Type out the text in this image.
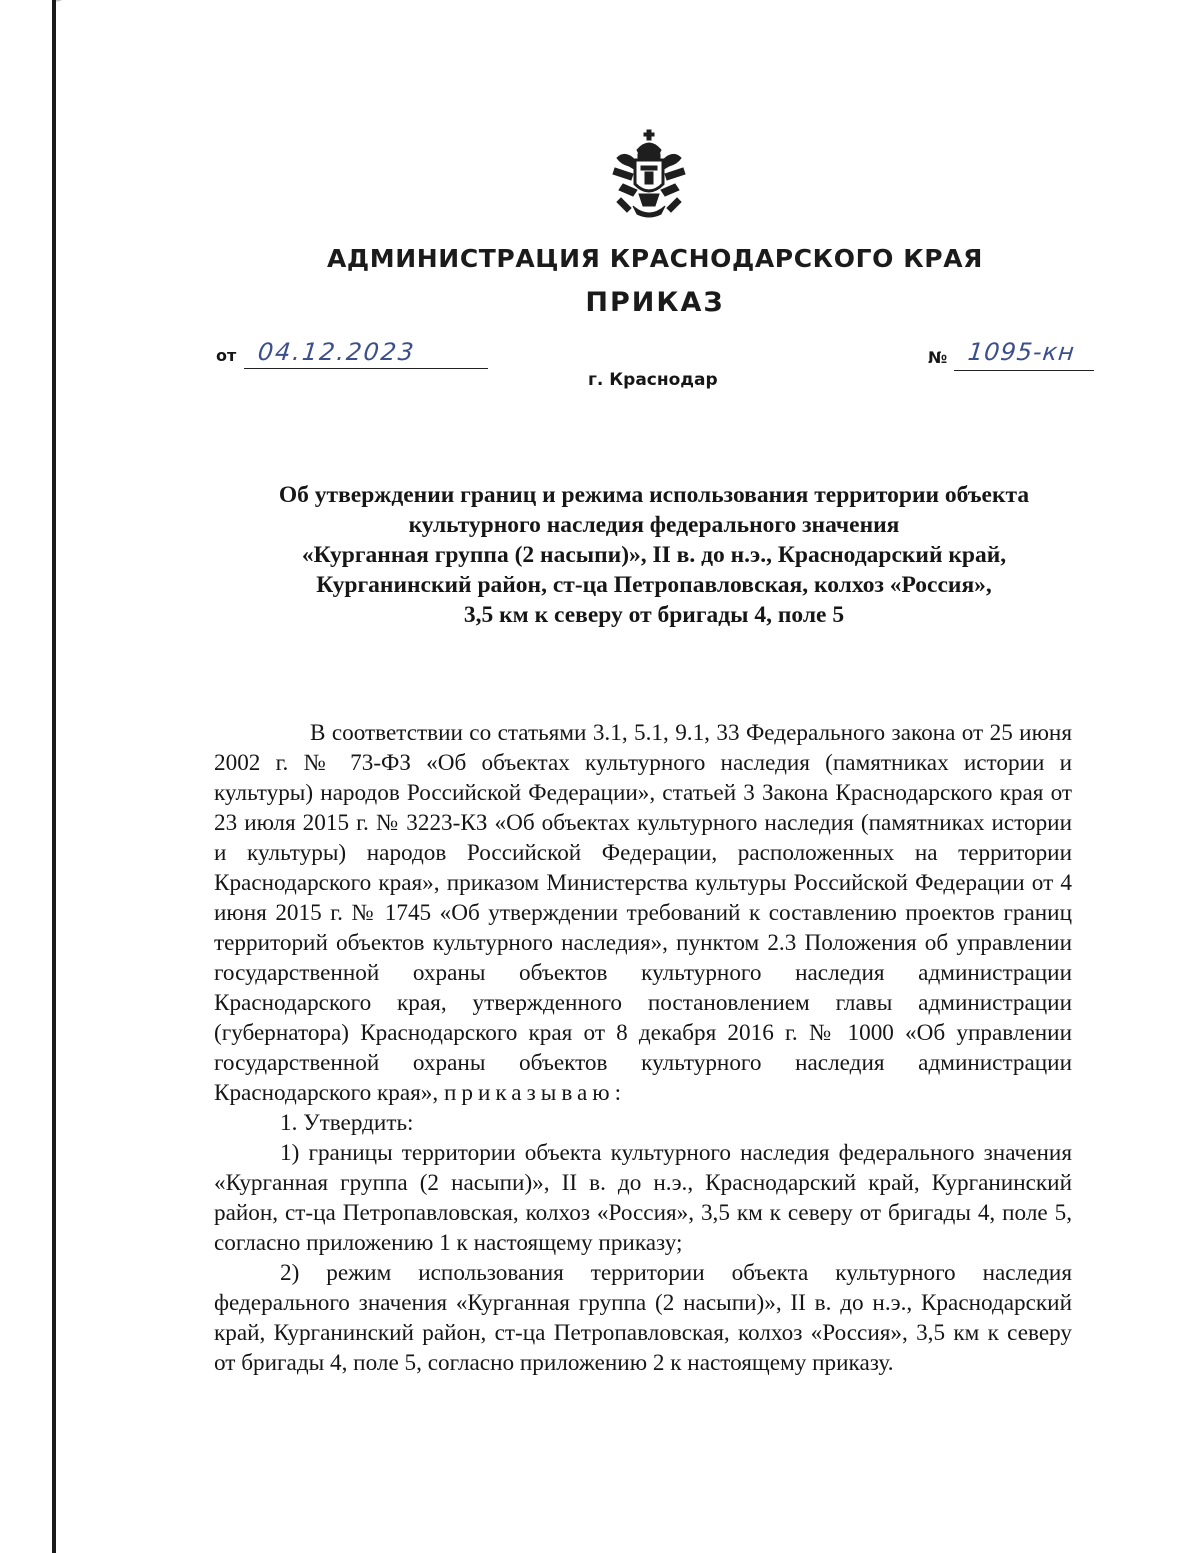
АДМИНИСТРАЦИЯ КРАСНОДАРСКОГО КРАЯ
ПРИКАЗ
от 04.12.2023	№ 1095-кн
г. Краснодар
Об утверждении границ и режима использования территории объекта
культурного наследия федерального значения
«Курганная группа (2 насыпи)», II в. до н.э., Краснодарский край,
Курганинский район, ст-ца Петропавловская, колхоз «Россия»,
3,5 км к северу от бригады 4, поле 5

В соответствии со статьями 3.1, 5.1, 9.1, 33 Федерального закона от 25 июня 2002 г. № 73-ФЗ «Об объектах культурного наследия (памятниках истории и культуры) народов Российской Федерации», статьей 3 Закона Краснодарского края от 23 июля 2015 г. № 3223-КЗ «Об объектах культурного наследия (памятниках истории и культуры) народов Российской Федерации, расположенных на территории Краснодарского края», приказом Министерства культуры Российской Федерации от 4 июня 2015 г. № 1745 «Об утверждении требований к составлению проектов границ территорий объектов культурного наследия», пунктом 2.3 Положения об управлении государственной охраны объектов культурного наследия администрации Краснодарского края, утвержденного постановлением главы администрации (губернатора) Краснодарского края от 8 декабря 2016 г. № 1000 «Об управлении государственной охраны объектов культурного наследия администрации Краснодарского края», приказываю:

1. Утвердить:

1) границы территории объекта культурного наследия федерального значения «Курганная группа (2 насыпи)», II в. до н.э., Краснодарский край, Курганинский район, ст-ца Петропавловская, колхоз «Россия», 3,5 км к северу от бригады 4, поле 5, согласно приложению 1 к настоящему приказу;

2) режим использования территории объекта культурного наследия федерального значения «Курганная группа (2 насыпи)», II в. до н.э., Краснодарский край, Курганинский район, ст-ца Петропавловская, колхоз «Россия», 3,5 км к северу от бригады 4, поле 5, согласно приложению 2 к настоящему приказу.
